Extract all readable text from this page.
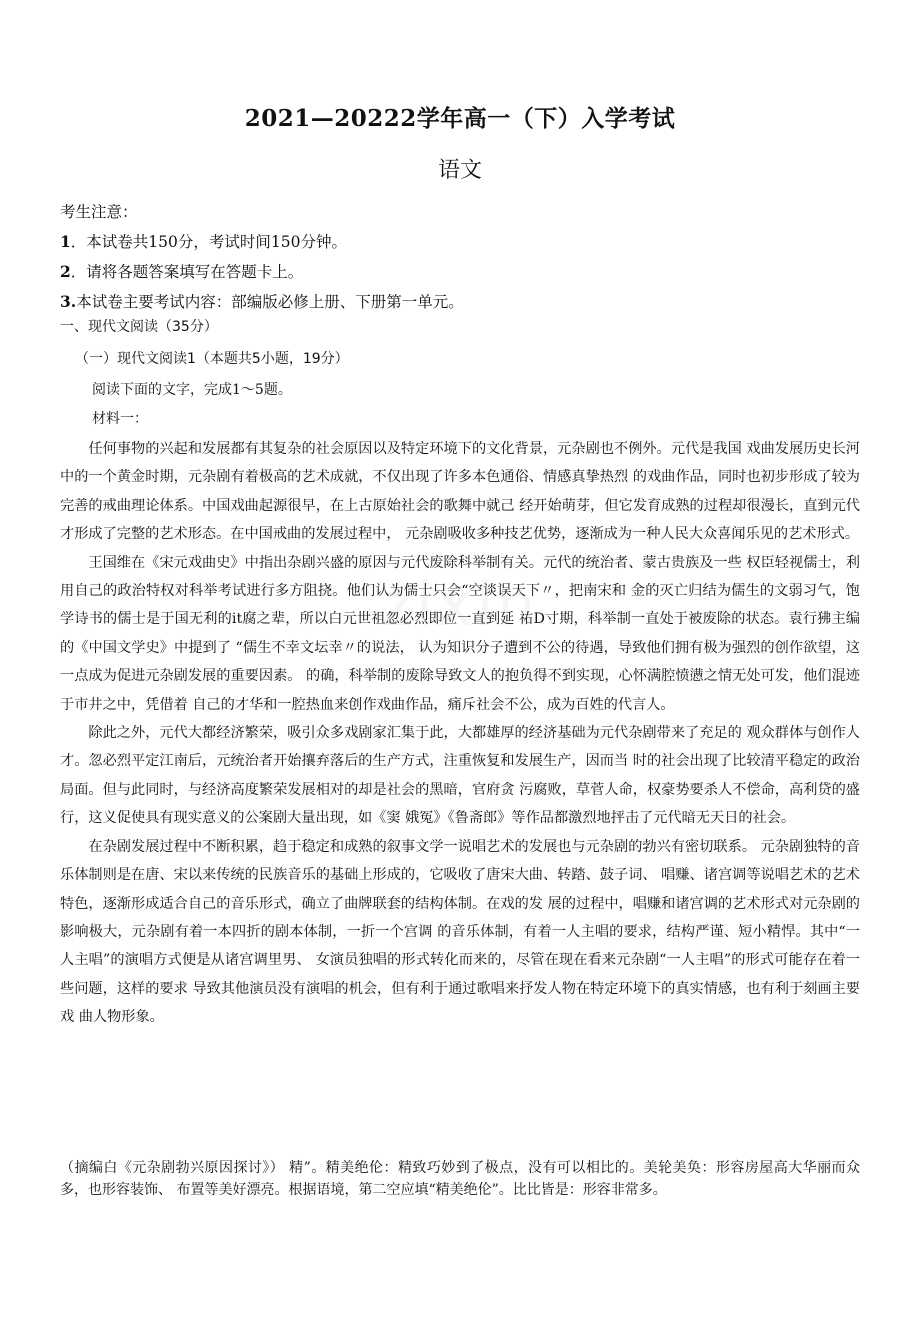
2021—20222学年高一（下）入学考试
语文
考生注意：
1．本试卷共150分，考试时间150分钟。
2．请将各题答案填写在答题卡上。
3.本试卷主要考试内容：部编版必修上册、下册第一单元。
一、现代文阅读（35分）
（一）现代文阅读1（本题共5小题，19分）
阅读下面的文字，完成1〜5题。
材料一：

任何事物的兴起和发展都有其复杂的社会原因以及特定环境下的文化背景，元杂剧也不例外。元代是我国 戏曲发展历史长河中的一个黄金时期，元杂剧有着极高的艺术成就，不仅出现了许多本色通俗、情感真挚热烈 的戏曲作品，同时也初步形成了较为完善的戒曲理论体系。中国戏曲起源很早，在上古原始社会的歌舞中就己 经开始萌芽，但它发育成熟的过程却很漫长，直到元代才形成了完整的艺术形态。在中国戒曲的发展过程中， 元杂剧吸收多种技艺优势，逐渐成为一种人民大众喜闻乐见的艺术形式。

王国维在《宋元戏曲史》中指出杂剧兴盛的原因与元代废除科举制有关。元代的统治者、蒙古贵族及一些 权臣轻视儒士，利用自己的政治特权对科举考试进行多方阻挠。他们认为儒士只会“空谈误天下〃，把南宋和 金的灭亡归结为儒生的文弱习气，饱学诗书的儒士是于国无利的it腐之辈，所以白元世祖忽必烈即位一直到延 祐D寸期，科举制一直处于被废除的状态。袁行狒主编的《中国文学史》中提到了 “儒生不幸文坛幸〃的说法， 认为知识分子遭到不公的待遇，导致他们拥有极为强烈的创作欲望，这一点成为促进元杂剧发展的重要因素。 的确，科举制的废除导致文人的抱负得不到实现，心怀满腔愤懑之情无处可发，他们混迹于市井之中，凭借着 自己的才华和一腔热血来创作戏曲作品，痛斥社会不公，成为百姓的代言人。

除此之外，元代大都经济繁荣，吸引众多戏剧家汇集于此，大都雄厚的经济基础为元代杂剧带来了充足的 观众群体与创作人才。忽必烈平定江南后，元统治者开始攘弃落后的生产方式，注重恢复和发展生产，因而当 时的社会出现了比较清平稳定的政治局面。但与此同时，与经济高度繁荣发展相对的却是社会的黑暗，官府贪 污腐败，草菅人命，权豪势要杀人不偿命，高利贷的盛行，这义促使具有现实意义的公案剧大量出现，如《窦 娥冤》《鲁斋郎》等作品都激烈地抨击了元代暗无天日的社会。

在杂剧发展过程中不断积累，趋于稳定和成熟的叙事文学一说唱艺术的发展也与元杂剧的勃兴有密切联系。 元杂剧独特的音乐体制则是在唐、宋以来传统的民族音乐的基础上形成的，它吸收了唐宋大曲、转踏、鼓子词、 唱赚、诸宫调等说唱艺术的艺术特色，逐渐形成适合自己的音乐形式，确立了曲牌联套的结构体制。在戏的发 展的过程中，唱赚和诸宫调的艺术形式对元杂剧的影响极大，元杂剧有着一本四折的剧本体制，一折一个宫调 的音乐体制，有着一人主唱的要求，结构严谨、短小精悍。其中“一人主唱”的演唱方式便是从诸宫调里男、 女演员独唱的形式转化而来的，尽管在现在看来元杂剧“一人主唱”的形式可能存在着一些问题，这样的要求 导致其他演员没有演唱的机会，但有利于通过歌唱来抒发人物在特定环境下的真实情感，也有利于刻画主要戏 曲人物形象。

（摘编白《元杂剧勃兴原因探讨》） 精”。精美绝伦：精致巧妙到了极点，没有可以相比的。美轮美奂：形容房屋高大华丽而众多，也形容装饰、 布置等美好漂亮。根据语境，第二空应填“精美绝伦”。比比皆是：形容非常多。
